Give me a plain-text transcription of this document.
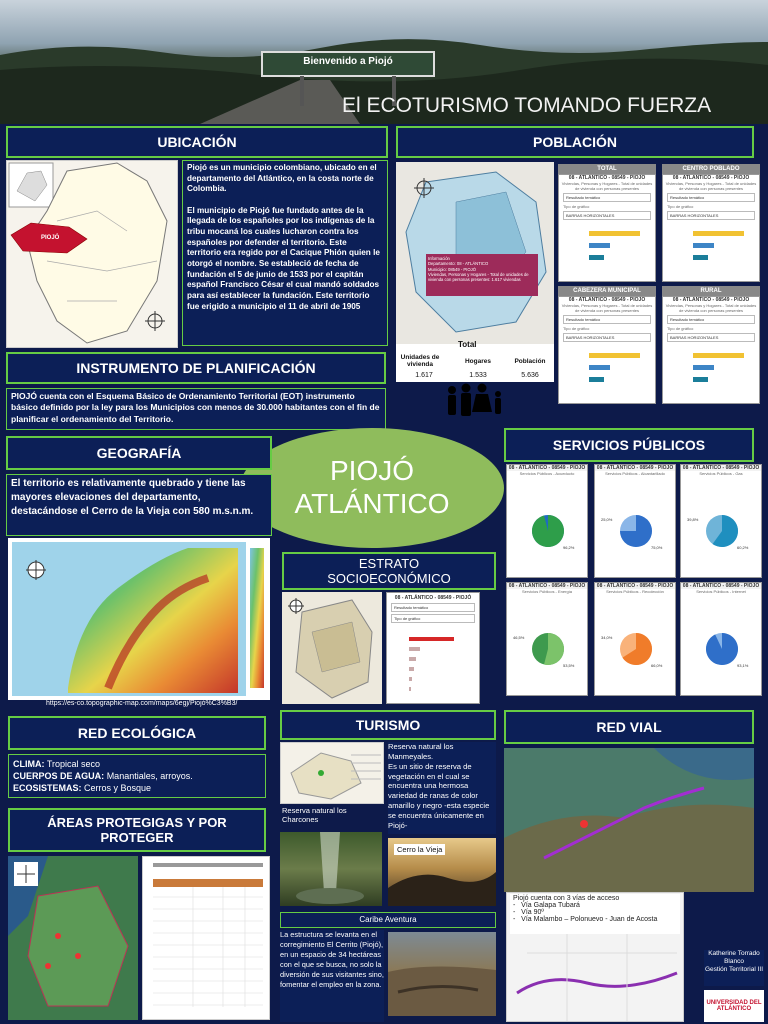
Bienvenido a Piojó
El ECOTURISMO TOMANDO FUERZA
UBICACIÓN
PIOJÓ
Piojó es un municipio colombiano, ubicado en el departamento del Atlántico, en la costa norte de Colombia.

El municipio de Piojó fue fundado antes de la llegada de los españoles por los indígenas de la tribu mocaná los cuales lucharon contra los españoles por defender el territorio. Este territorio era regido por el Cacique Phión quien le otorgó el nombre. Se estableció de fecha de fundación el 5 de junio de 1533 por el capitán español Francisco César el cual mandó soldados para así establecer la fundación. Este territorio fue erigido a municipio el 11 de abril de 1905
POBLACIÓN
Información
Departamento: 08 - ATLÁNTICO
Municipio: 08549 - PIOJÓ
Viviendas, Personas y Hogares - Total de unidades de vivienda con personas presentes: 1.617 viviendas
Total
Unidades de vivienda	Hogares	Población
1.617	1.533	5.636
TOTAL
08 - ATLÁNTICO - 08549 - PIOJÓ
Viviendas, Personas y Hogares - Total de unidades de vivienda con personas presentes
Resultado temático
Tipo de gráfico
BARRAS HORIZONTALES
CENTRO POBLADO
08 - ATLÁNTICO - 08549 - PIOJÓ
Viviendas, Personas y Hogares - Total de unidades de vivienda con personas presentes
Resultado temático
Tipo de gráfico
BARRAS HORIZONTALES
CABEZERA MUNICIPAL
08 - ATLÁNTICO - 08549 - PIOJÓ
Viviendas, Personas y Hogares - Total de unidades de vivienda con personas presentes
Resultado temático
Tipo de gráfico
BARRAS HORIZONTALES
RURAL
08 - ATLÁNTICO - 08549 - PIOJÓ
Viviendas, Personas y Hogares - Total de unidades de vivienda con personas presentes
Resultado temático
Tipo de gráfico
BARRAS HORIZONTALES
INSTRUMENTO DE PLANIFICACIÓN
PIOJÓ cuenta con el Esquema Básico de Ordenamiento Territorial (EOT) instrumento básico definido por la ley para los Municipios con menos de 30.000 habitantes con el fin de planificar el ordenamiento del Territorio.
PIOJÓ
ATLÁNTICO
GEOGRAFÍA
El territorio es relativamente quebrado y tiene las mayores elevaciones del departamento, destacándose el Cerro de la Vieja con 580 m.s.n.m.
https://es-co.topographic-map.com/maps/6egj/Piojó%C3%B3/
ESTRATO
SOCIOECONÓMICO
08 - ATLÁNTICO - 08549 - PIOJÓ
Resultado temático
Tipo de gráfico
SERVICIOS PÚBLICOS
08 - ATLÁNTICO - 08549 - PIOJÓ
Servicios Públicos - Acueducto
96,2%
08 - ATLÁNTICO - 08549 - PIOJÓ
Servicios Públicos - Alcantarillado
75,0%
25,0%
08 - ATLÁNTICO - 08549 - PIOJÓ
Servicios Públicos - Gas
60,2%
39,8%
08 - ATLÁNTICO - 08549 - PIOJÓ
Servicios Públicos - Energía
53,5%
46,5%
08 - ATLÁNTICO - 08549 - PIOJÓ
Servicios Públicos - Recolección
66,0%
34,0%
08 - ATLÁNTICO - 08549 - PIOJÓ
Servicios Públicos - Internet
93,1%
RED ECOLÓGICA
CLIMA: Tropical seco
CUERPOS DE AGUA: Manantiales, arroyos.
ECOSISTEMAS: Cerros y Bosque
ÁREAS PROTEGIGAS Y POR
PROTEGER
TURISMO
Reserva natural los Manmeyales.
Es un sitio de reserva de vegetación en el cual se encuentra una hermosa variedad de ranas de color amarillo y negro -esta especie se encuentra únicamente en Piojó-
Reserva natural los Charcones
Cerro la Vieja
Caribe Aventura
La estructura se levanta en el corregimiento El Cerrito (Piojó), en un espacio de 34 hectáreas con el que se busca, no solo la diversión de sus visitantes sino, fomentar el empleo en la zona.
RED VIAL
Piojó cuenta con 3 vías de acceso
-   Vía Galapa Tubará
-   Vía 90º
-   Vía Malambo – Polonuevo - Juan de Acosta
Katherine Torrado Blanco
Gestión Territorial III
UNIVERSIDAD DEL ATLÁNTICO
